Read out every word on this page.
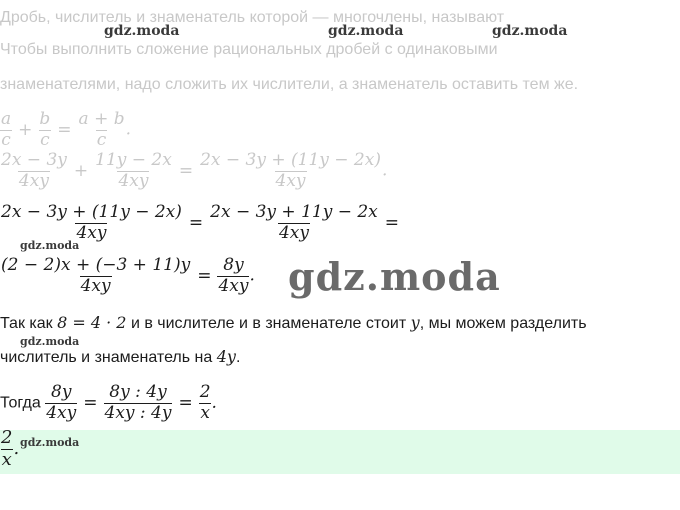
Дробь, числитель и знаменатель которой — многочлены, называют
Чтобы выполнить сложение рациональных дробей с одинаковыми
знаменателями, надо сложить их числители, а знаменатель оставить тем же.
$\frac{a}{c} + \frac{b}{c} = \frac{a + b}{c}$ .
$\frac{2x - 3y}{4xy} + \frac{11y - 2x}{4xy} = \frac{2x - 3y + (11y - 2x)}{4xy}$ .
$\frac{2x - 3y + (11y - 2x)}{4xy} = \frac{2x - 3y + 11y - 2x}{4xy}$ =
$\frac{(2 - 2)x + (-3 + 11)y}{4xy} = \frac{8y}{4xy}$ .
Так как 8 = 4 · 2 и в числителе и в знаменателе стоит y, мы можем разделить
числитель и знаменатель на 4y.
Тогда $\frac{8y}{4xy} = \frac{8y : 4y}{4xy : 4y} = \frac{2}{x}$ .
$\frac{2}{x}$ .
gdz.moda	gdz.moda	gdz.moda
gdz.moda
gdz.moda
gdz.moda
gdz.moda
